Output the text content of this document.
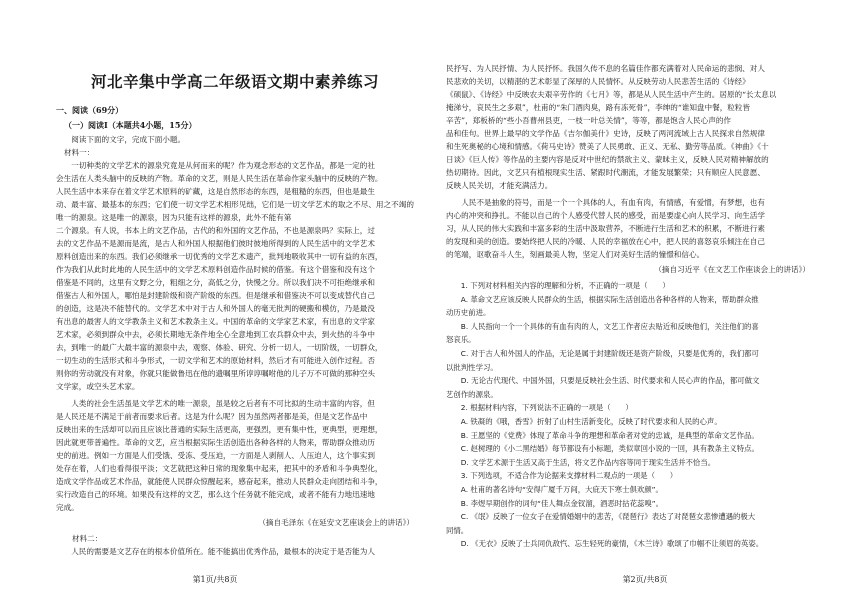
河北辛集中学高二年级语文期中素养练习
一、阅读（69分）
（一）阅读Ⅰ（本题共4小题，15分）

阅读下面的文字，完成下面小题。

材料一：

一切种类的文学艺术的源泉究竟是从何而来的呢？作为观念形态的文艺作品，都是一定的社

会生活在人类头脑中的反映的产物。革命的文艺，则是人民生活在革命作家头脑中的反映的产物。

人民生活中本来存在着文学艺术原料的矿藏，这是自然形态的东西，是粗糙的东西，但也是最生

动、最丰富、最基本的东西；它们使一切文学艺术相形见绌，它们是一切文学艺术的取之不尽、用之不竭的唯一的源泉。这是唯一的源泉，因为只能有这样的源泉，此外不能有第

二个源泉。有人说，书本上的文艺作品，古代的和外国的文艺作品，不也是源泉吗？实际上，过

去的文艺作品不是源而是流，是古人和外国人根据他们彼时彼地所得到的人民生活中的文学艺术

原料创造出来的东西。我们必须继承一切优秀的文学艺术遗产，批判地吸收其中一切有益的东西，

作为我们从此时此地的人民生活中的文学艺术原料创造作品时候的借鉴。有这个借鉴和没有这个

借鉴是不同的，这里有文野之分，粗细之分，高低之分，快慢之分。所以我们决不可拒绝继承和

借鉴古人和外国人，哪怕是封建阶级和资产阶级的东西。但是继承和借鉴决不可以变成替代自己

的创造，这是决不能替代的。文学艺术中对于古人和外国人的毫无批判的硬搬和模仿，乃是最没

有出息的最害人的文学教条主义和艺术教条主义。中国的革命的文学家艺术家，有出息的文学家

艺术家，必须到群众中去，必须长期地无条件地全心全意地到工农兵群众中去，到火热的斗争中

去，到唯一的最广大最丰富的源泉中去，观察、体验、研究、分析一切人，一切阶级，一切群众，

一切生动的生活形式和斗争形式，一切文学和艺术的原始材料，然后才有可能进入创作过程。否

则你的劳动就没有对象，你就只能做鲁迅在他的遗嘱里所谆谆嘱咐他的儿子万不可做的那种空头

文学家，或空头艺术家。

人类的社会生活虽是文学艺术的唯一源泉，虽是较之后者有不可比拟的生动丰富的内容，但

是人民还是不满足于前者而要求后者。这是为什么呢？因为虽然两者都是美，但是文艺作品中

反映出来的生活却可以而且应该比普通的实际生活更高，更强烈，更有集中性，更典型，更理想，

因此就更带普遍性。革命的文艺，应当根据实际生活创造出各种各样的人物来，帮助群众推动历

史的前进。例如一方面是人们受饿、受冻、受压迫，一方面是人剥削人、人压迫人，这个事实到

处存在着，人们也看得很平淡；文艺就把这种日常的现象集中起来，把其中的矛盾和斗争典型化，

造成文学作品或艺术作品，就能使人民群众惊醒起来，感奋起来，推动人民群众走向团结和斗争，

实行改造自己的环境。如果没有这样的文艺，那么这个任务就不能完成，或者不能有力地迅速地

完成。

（摘自毛泽东《在延安文艺座谈会上的讲话》）

材料二：

人民的需要是文艺存在的根本价值所在。能不能搞出优秀作品，最根本的决定于是否能为人

第1页/共8页

民抒写、为人民抒情、为人民抒怀。我国久传不息的名篇佳作都充满着对人民命运的悲悯、对人

民悲欢的关切，以精湛的艺术彰显了深厚的人民情怀。从反映劳动人民悲苦生活的《诗经》

《硕鼠》、《诗经》中反映农夫艰辛劳作的《七月》等，都是从人民生活中产生的。居原的“长太息以

掩涕兮，哀民生之多艰”，杜甫的“朱门酒肉臭，路有冻死骨”，李绅的“谁知盘中餐，粒粒皆

辛苦”，郑板桥的“些小吾曹州县吏，一枝一叶总关情”，等等，都是饱含人民心声的作

品和佳句。世界上最早的文学作品《吉尔伽美什》史诗，反映了两河流域上古人民探求自然规律

和生死奥秘的心境和情感。《荷马史诗》赞美了人民勇敢、正义、无私、勤劳等品质。《神曲》《十

日谈》《巨人传》等作品的主要内容是反对中世纪的禁欲主义、蒙昧主义，反映人民对精神解放的

热切期待。因此，文艺只有植根现实生活、紧跟时代潮流，才能发展繁荣；只有顺应人民意愿、

反映人民关切，才能充满活力。

人民不是抽象的符号，而是一个一个具体的人，有血有肉，有情感，有爱憎，有梦想，也有

内心的冲突和挣扎。不能以自己的个人感受代替人民的感受，而是要虚心向人民学习、向生活学

习，从人民的伟大实践和丰富多彩的生活中汲取营养，不断进行生活和艺术的积累，不断进行素

的发现和美的创造。要始终把人民的冷暖、人民的幸福放在心中，把人民的喜怒哀乐倾注在自己

的笔端，讴歌奋斗人生，刻画最美人物，坚定人们对美好生活的憧憬和信心。

（摘自习近平《在文艺工作座谈会上的讲话》）

1. 下列对材料相关内容的理解和分析，不正确的一项是（　　）

A. 革命文艺应该反映人民群众的生活，根据实际生活创造出各种各样的人物来，帮助群众推

动历史前进。

B. 人民指向一个一个具体的有血有肉的人，文艺工作者应去贴近和反映他们，关注他们的喜

怒哀乐。

C. 对于古人和外国人的作品，无论是属于封建阶级还是资产阶级，只要是优秀的，我们都可

以批判性学习。

D. 无论古代现代、中国外国，只要是反映社会生活、时代要求和人民心声的作品，都可做文

艺创作的源泉。

2. 根据材料内容，下列说法不正确的一项是（　　）

A. 铁凝的《哦，香雪》折射了山村生活新变化，反映了时代要求和人民的心声。

B. 王愿坚的《党费》体现了革命斗争的理想和革命者对党的忠诚，是典型的革命文艺作品。

C. 赵树理的《小二黑结婚》每节都设有小标题，类似章回小说的一回，具有教条主义特点。

D. 文学艺术源于生活又高于生活，将文艺作品内容等同于现实生活并不恰当。

3. 下列选项，不适合作为论据来支撑材料二观点的一项是（　　）

A. 杜甫的著名诗句“安得广厦千万间，大庇天下寒士俱欢颜”。

B. 李煜早期创作的词句“佳人舞点金钗溜，酒恶时拈花蕊嗅”。

C. 《氓》反映了一位女子在爱情婚姻中的悲苦，《琵琶行》表达了对琵琶女悲惨遭遇的极大

同情。

D. 《无衣》反映了士兵同仇敌忾、忘生轻死的豪情，《木兰诗》歌颂了巾帼不让须眉的英姿。

第2页/共8页
